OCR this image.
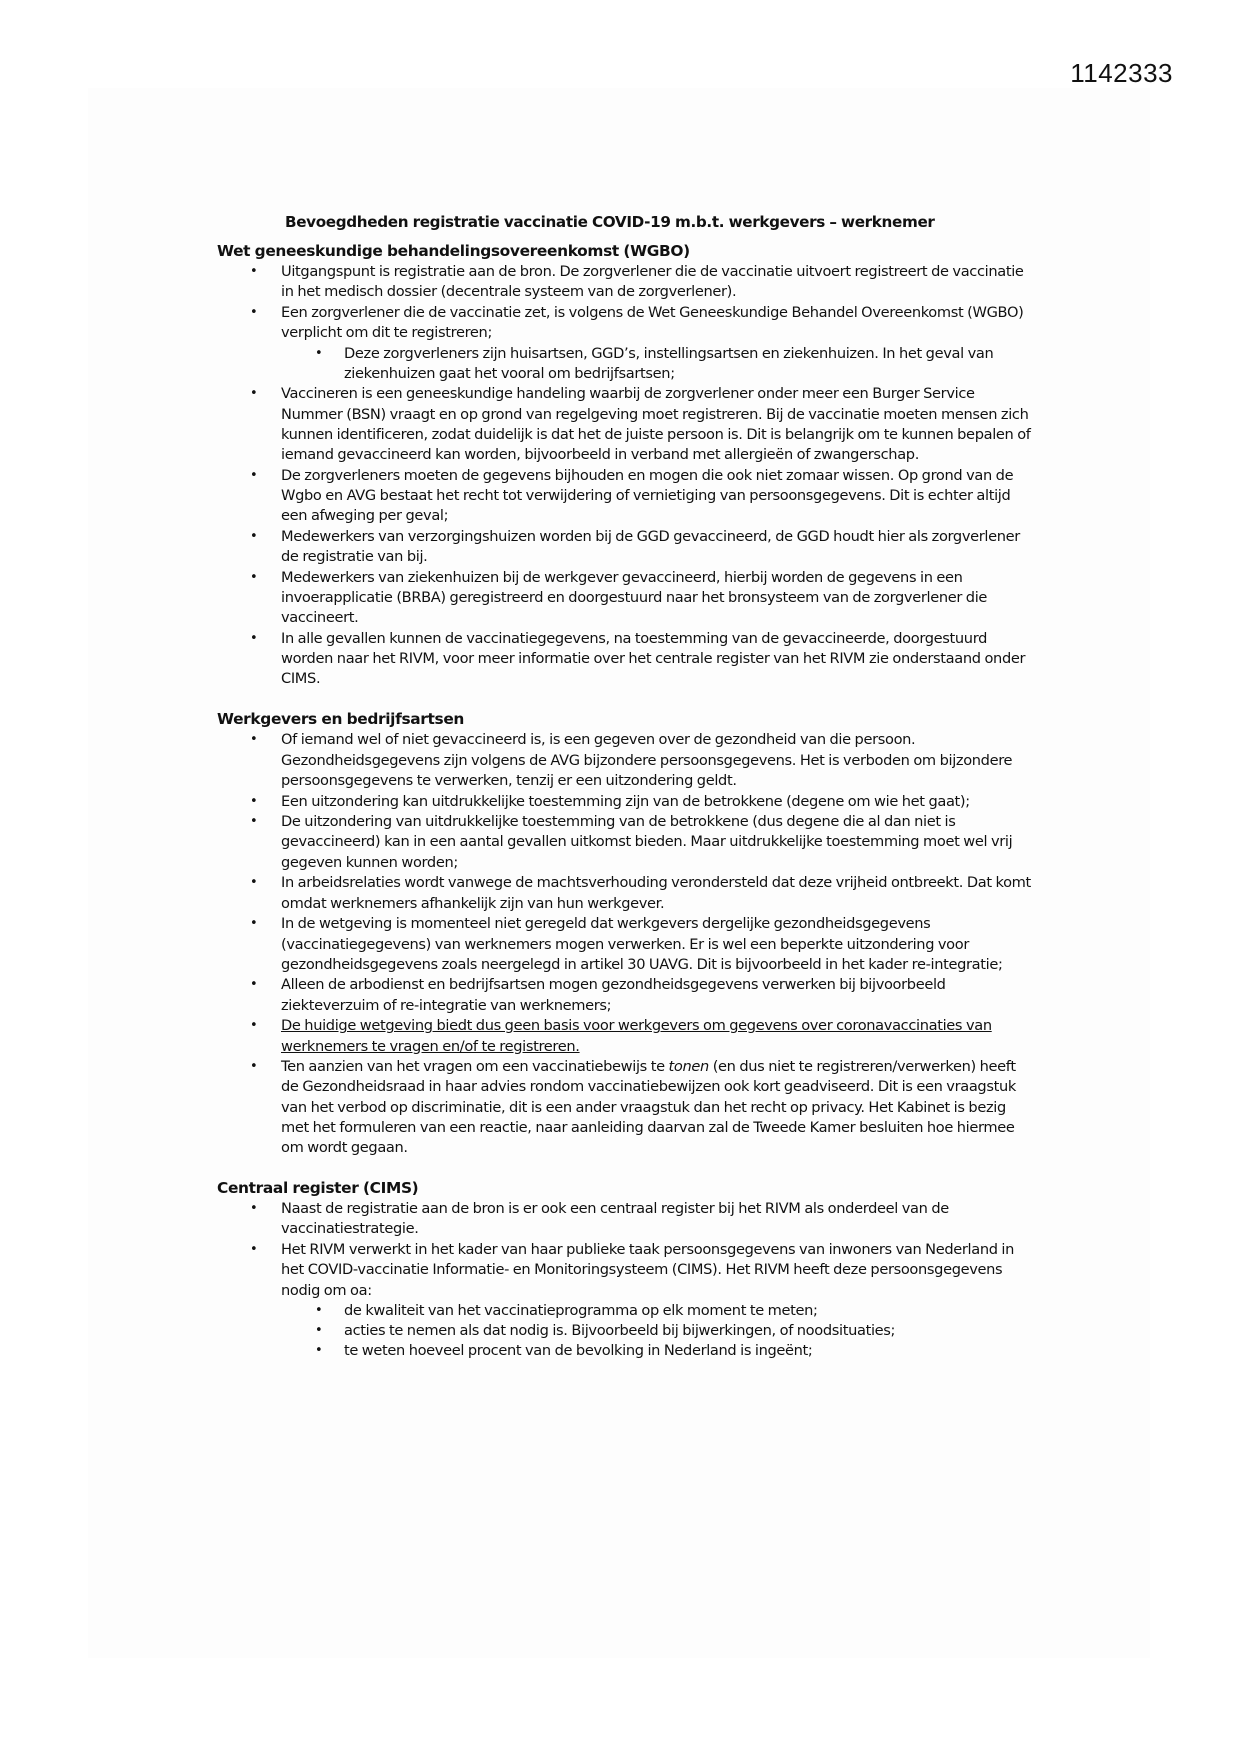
1142333
Bevoegdheden registratie vaccinatie COVID-19 m.b.t. werkgevers – werknemer
Wet geneeskundige behandelingsovereenkomst (WGBO)
• Uitgangspunt is registratie aan de bron. De zorgverlener die de vaccinatie uitvoert registreert de vaccinatie in het medisch dossier (decentrale systeem van de zorgverlener).
• Een zorgverlener die de vaccinatie zet, is volgens de Wet Geneeskundige Behandel Overeenkomst (WGBO) verplicht om dit te registreren;
• Deze zorgverleners zijn huisartsen, GGD’s, instellingsartsen en ziekenhuizen. In het geval van ziekenhuizen gaat het vooral om bedrijfsartsen;
• Vaccineren is een geneeskundige handeling waarbij de zorgverlener onder meer een Burger Service Nummer (BSN) vraagt en op grond van regelgeving moet registreren. Bij de vaccinatie moeten mensen zich kunnen identificeren, zodat duidelijk is dat het de juiste persoon is. Dit is belangrijk om te kunnen bepalen of iemand gevaccineerd kan worden, bijvoorbeeld in verband met allergieën of zwangerschap.
• De zorgverleners moeten de gegevens bijhouden en mogen die ook niet zomaar wissen. Op grond van de Wgbo en AVG bestaat het recht tot verwijdering of vernietiging van persoonsgegevens. Dit is echter altijd een afweging per geval;
• Medewerkers van verzorgingshuizen worden bij de GGD gevaccineerd, de GGD houdt hier als zorgverlener de registratie van bij.
• Medewerkers van ziekenhuizen bij de werkgever gevaccineerd, hierbij worden de gegevens in een invoerapplicatie (BRBA) geregistreerd en doorgestuurd naar het bronsysteem van de zorgverlener die vaccineert.
• In alle gevallen kunnen de vaccinatiegegevens, na toestemming van de gevaccineerde, doorgestuurd worden naar het RIVM, voor meer informatie over het centrale register van het RIVM zie onderstaand onder CIMS.
Werkgevers en bedrijfsartsen
• Of iemand wel of niet gevaccineerd is, is een gegeven over de gezondheid van die persoon. Gezondheidsgegevens zijn volgens de AVG bijzondere persoonsgegevens. Het is verboden om bijzondere persoonsgegevens te verwerken, tenzij er een uitzondering geldt.
• Een uitzondering kan uitdrukkelijke toestemming zijn van de betrokkene (degene om wie het gaat);
• De uitzondering van uitdrukkelijke toestemming van de betrokkene (dus degene die al dan niet is gevaccineerd) kan in een aantal gevallen uitkomst bieden. Maar uitdrukkelijke toestemming moet wel vrij gegeven kunnen worden;
• In arbeidsrelaties wordt vanwege de machtsverhouding verondersteld dat deze vrijheid ontbreekt. Dat komt omdat werknemers afhankelijk zijn van hun werkgever.
• In de wetgeving is momenteel niet geregeld dat werkgevers dergelijke gezondheidsgegevens (vaccinatiegegevens) van werknemers mogen verwerken. Er is wel een beperkte uitzondering voor gezondheidsgegevens zoals neergelegd in artikel 30 UAVG. Dit is bijvoorbeeld in het kader re-integratie;
• Alleen de arbodienst en bedrijfsartsen mogen gezondheidsgegevens verwerken bij bijvoorbeeld ziekteverzuim of re-integratie van werknemers;
• De huidige wetgeving biedt dus geen basis voor werkgevers om gegevens over coronavaccinaties van werknemers te vragen en/of te registreren.
• Ten aanzien van het vragen om een vaccinatiebewijs te tonen (en dus niet te registreren/verwerken) heeft de Gezondheidsraad in haar advies rondom vaccinatiebewijzen ook kort geadviseerd. Dit is een vraagstuk van het verbod op discriminatie, dit is een ander vraagstuk dan het recht op privacy. Het Kabinet is bezig met het formuleren van een reactie, naar aanleiding daarvan zal de Tweede Kamer besluiten hoe hiermee om wordt gegaan.
Centraal register (CIMS)
• Naast de registratie aan de bron is er ook een centraal register bij het RIVM als onderdeel van de vaccinatiestrategie.
• Het RIVM verwerkt in het kader van haar publieke taak persoonsgegevens van inwoners van Nederland in het COVID-vaccinatie Informatie- en Monitoringsysteem (CIMS). Het RIVM heeft deze persoonsgegevens nodig om oa:
• de kwaliteit van het vaccinatieprogramma op elk moment te meten;
• acties te nemen als dat nodig is. Bijvoorbeeld bij bijwerkingen, of noodsituaties;
• te weten hoeveel procent van de bevolking in Nederland is ingeënt;
